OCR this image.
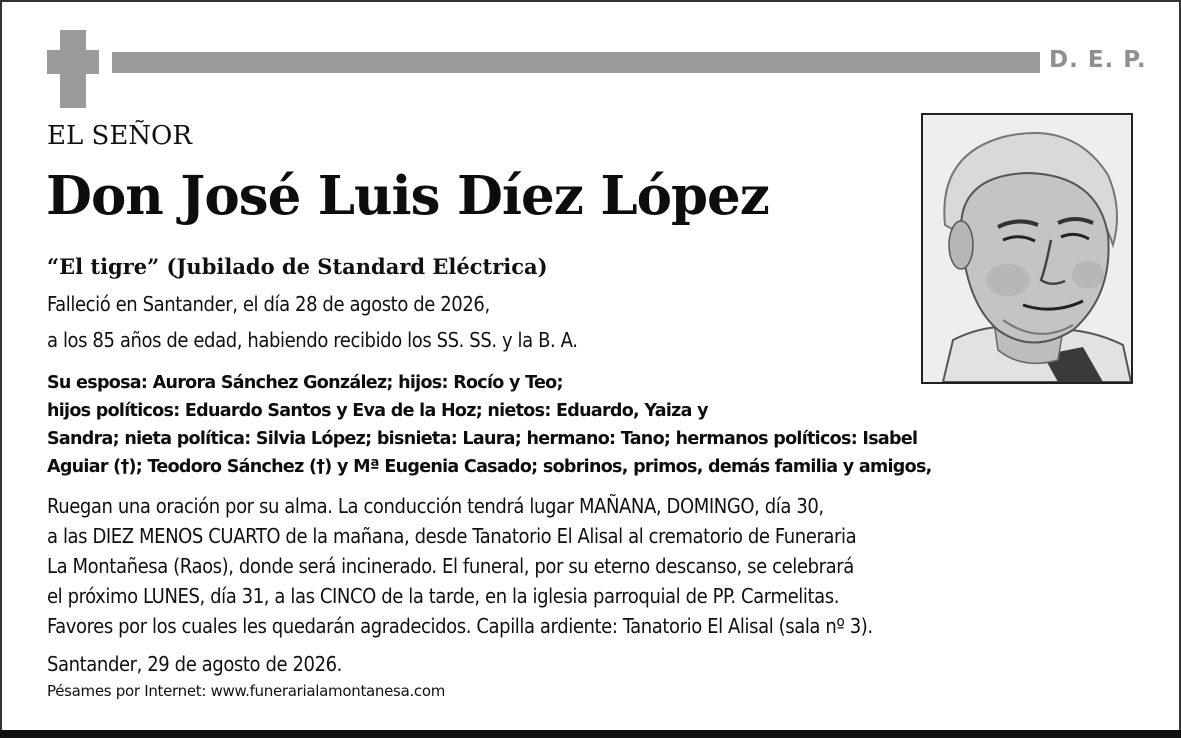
D. E. P.
EL SEÑOR
Don José Luis Díez López
“El tigre” (Jubilado de Standard Eléctrica)
Falleció en Santander, el día 28 de agosto de 2026,
a los 85 años de edad, habiendo recibido los SS. SS. y la B. A.
Su esposa: Aurora Sánchez González; hijos: Rocío y Teo;
hijos políticos: Eduardo Santos y Eva de la Hoz; nietos: Eduardo, Yaiza y
Sandra; nieta política: Silvia López; bisnieta: Laura; hermano: Tano; hermanos políticos: Isabel
Aguiar (†); Teodoro Sánchez (†) y Mª Eugenia Casado; sobrinos, primos, demás familia y amigos,
Ruegan una oración por su alma. La conducción tendrá lugar MAÑANA, DOMINGO, día 30,
a las DIEZ MENOS CUARTO de la mañana, desde Tanatorio El Alisal al crematorio de Funeraria
La Montañesa (Raos), donde será incinerado. El funeral, por su eterno descanso, se celebrará
el próximo LUNES, día 31, a las CINCO de la tarde, en la iglesia parroquial de PP. Carmelitas.
Favores por los cuales les quedarán agradecidos. Capilla ardiente: Tanatorio El Alisal (sala nº 3).
Santander, 29 de agosto de 2026.
Pésames por Internet: www.funerarialamontanesa.com
